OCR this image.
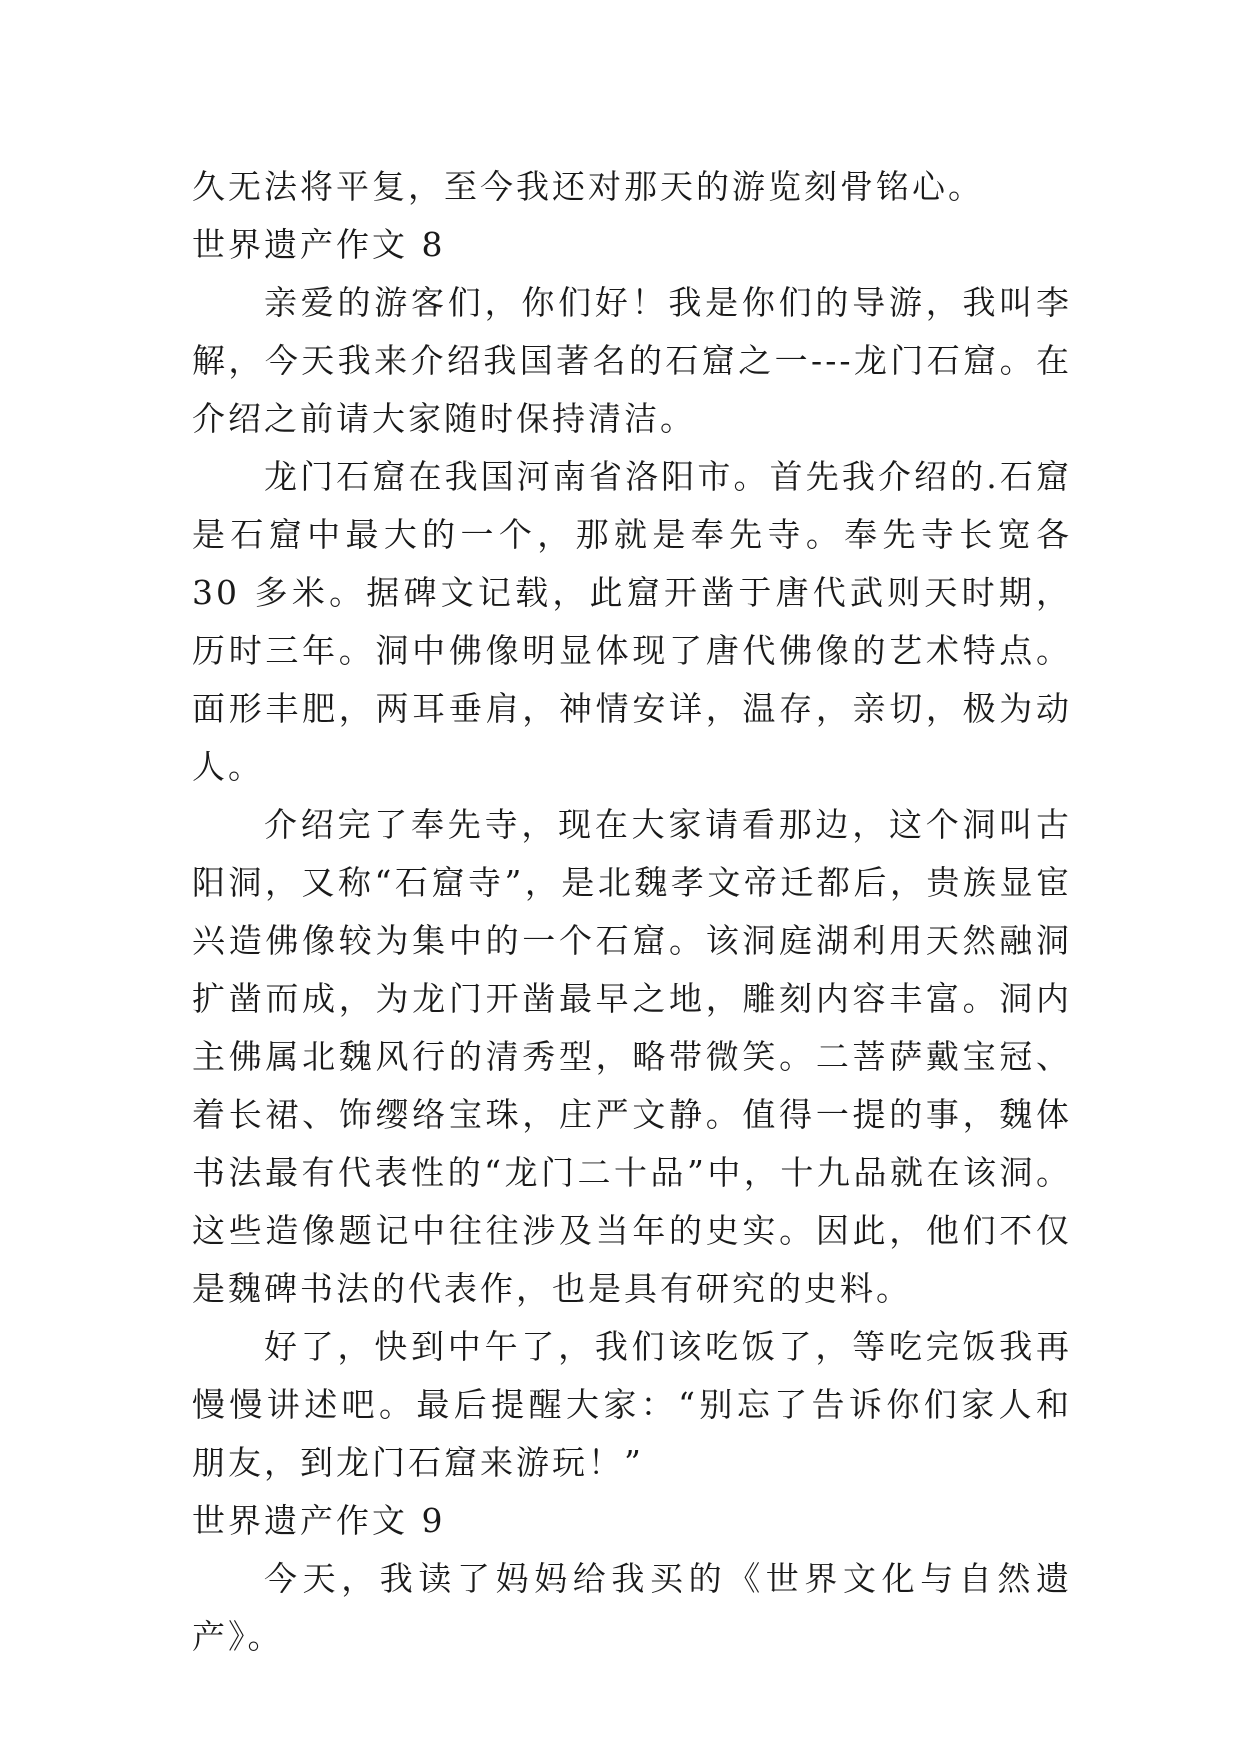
久无法将平复，至今我还对那天的游览刻骨铭心。

世界遗产作文 8

亲爱的游客们，你们好！我是你们的导游，我叫李解，今天我来介绍我国著名的石窟之一---龙门石窟。在介绍之前请大家随时保持清洁。

龙门石窟在我国河南省洛阳市。首先我介绍的.石窟是石窟中最大的一个，那就是奉先寺。奉先寺长宽各 30 多米。据碑文记载，此窟开凿于唐代武则天时期，历时三年。洞中佛像明显体现了唐代佛像的艺术特点。面形丰肥，两耳垂肩，神情安详，温存，亲切，极为动人。

介绍完了奉先寺，现在大家请看那边，这个洞叫古阳洞，又称“石窟寺”，是北魏孝文帝迁都后，贵族显宦兴造佛像较为集中的一个石窟。该洞庭湖利用天然融洞扩凿而成，为龙门开凿最早之地，雕刻内容丰富。洞内主佛属北魏风行的清秀型，略带微笑。二菩萨戴宝冠、着长裙、饰缨络宝珠，庄严文静。值得一提的事，魏体书法最有代表性的“龙门二十品”中，十九品就在该洞。这些造像题记中往往涉及当年的史实。因此，他们不仅是魏碑书法的代表作，也是具有研究的史料。

好了，快到中午了，我们该吃饭了，等吃完饭我再慢慢讲述吧。最后提醒大家：“别忘了告诉你们家人和朋友，到龙门石窟来游玩！”

世界遗产作文 9

今天，我读了妈妈给我买的《世界文化与自然遗产》。
